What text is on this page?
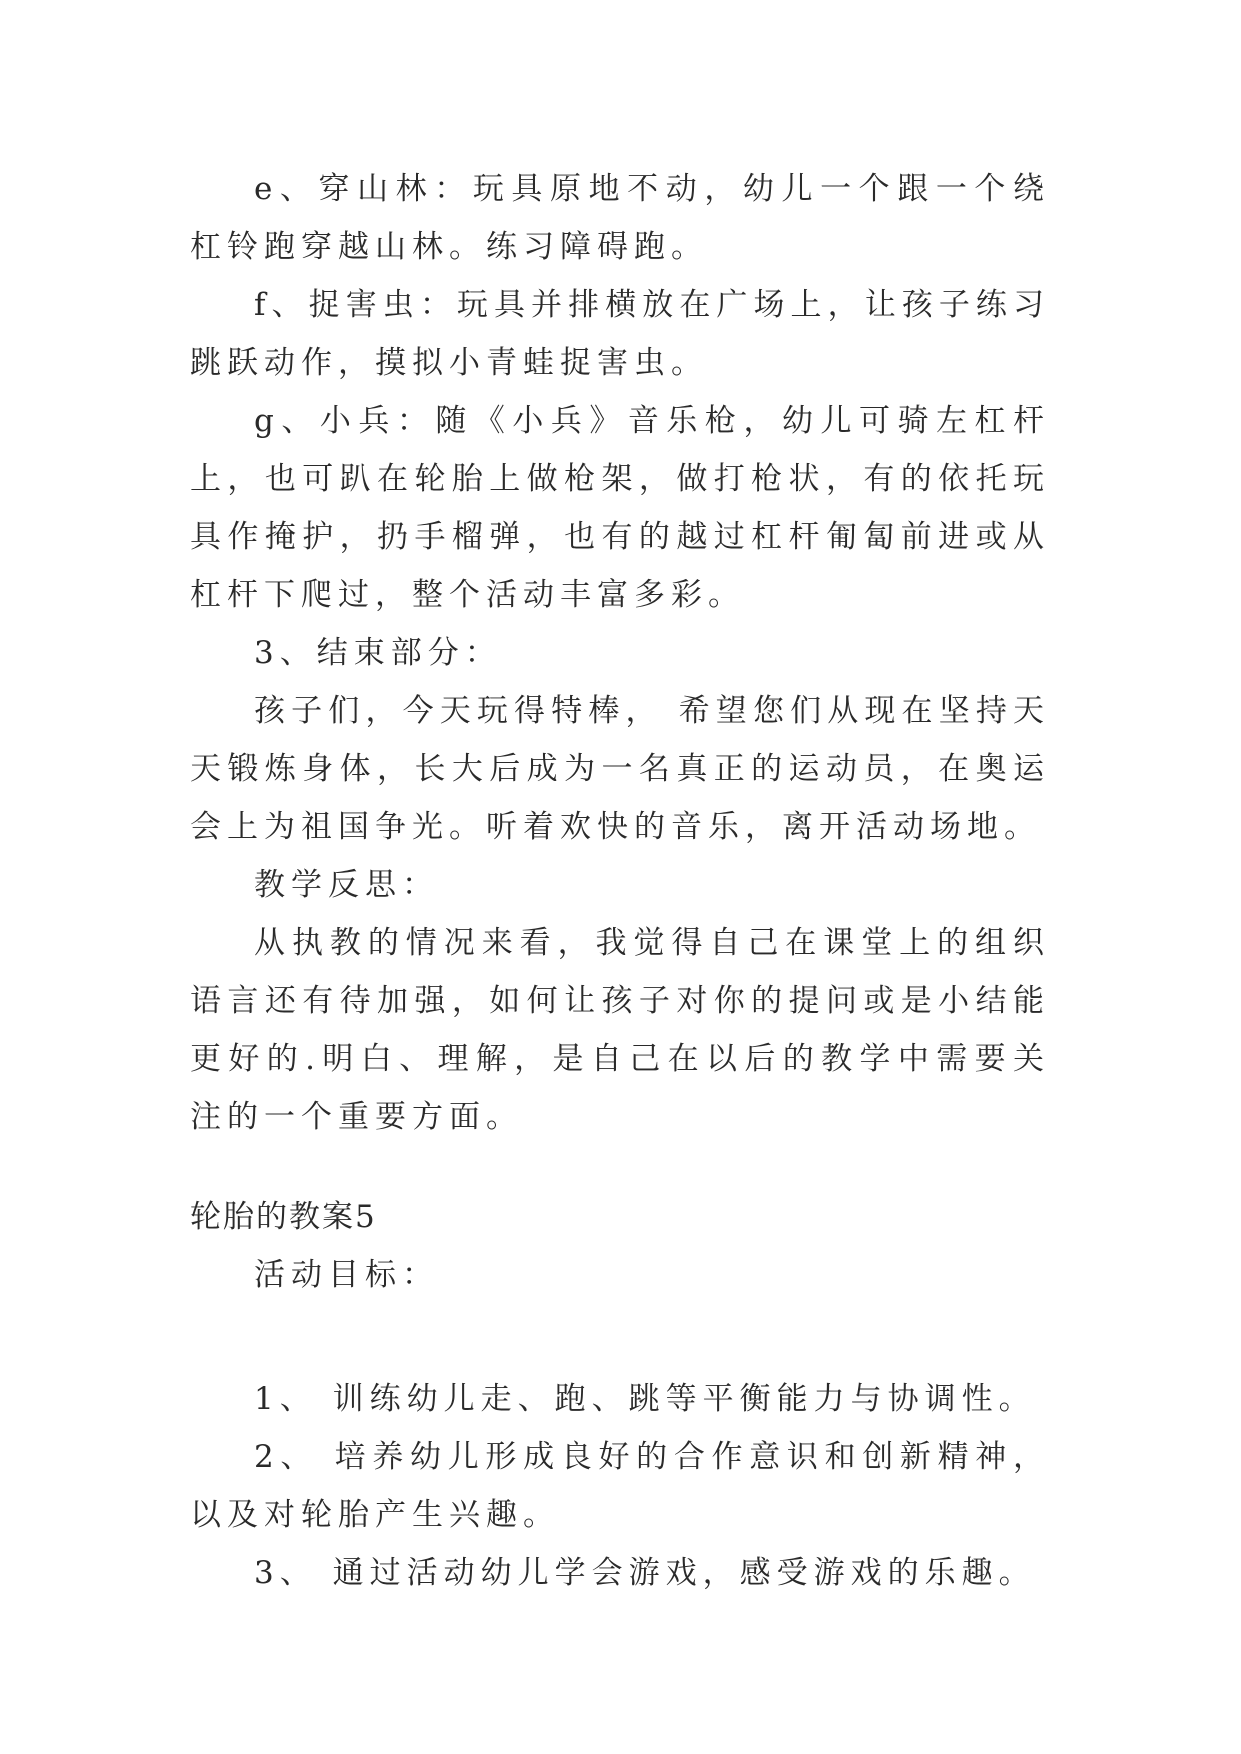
e、穿山林：玩具原地不动，幼儿一个跟一个绕杠铃跑穿越山林。练习障碍跑。

f、捉害虫：玩具并排横放在广场上，让孩子练习跳跃动作，摸拟小青蛙捉害虫。

g、小兵：随《小兵》音乐枪，幼儿可骑左杠杆上，也可趴在轮胎上做枪架，做打枪状，有的依托玩具作掩护，扔手榴弹，也有的越过杠杆匍匐前进或从杠杆下爬过，整个活动丰富多彩。

3、结束部分：

孩子们，今天玩得特棒， 希望您们从现在坚持天天锻炼身体，长大后成为一名真正的运动员，在奥运会上为祖国争光。听着欢快的音乐，离开活动场地。

教学反思：

从执教的情况来看，我觉得自己在课堂上的组织语言还有待加强，如何让孩子对你的提问或是小结能更好的.明白、理解，是自己在以后的教学中需要关注的一个重要方面。

轮胎的教案5

活动目标：

1、 训练幼儿走、跑、跳等平衡能力与协调性。

2、 培养幼儿形成良好的合作意识和创新精神，以及对轮胎产生兴趣。

3、 通过活动幼儿学会游戏，感受游戏的乐趣。
